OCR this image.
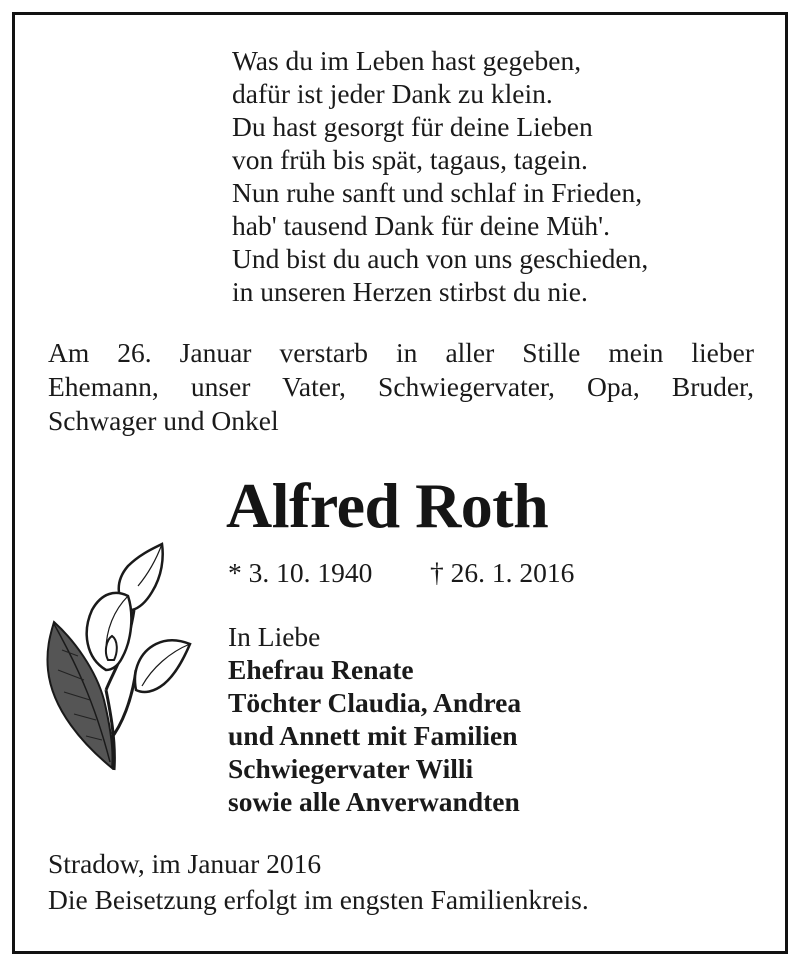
Was du im Leben hast gegeben,
dafür ist jeder Dank zu klein.
Du hast gesorgt für deine Lieben
von früh bis spät, tagaus, tagein.
Nun ruhe sanft und schlaf in Frieden,
hab' tausend Dank für deine Müh'.
Und bist du auch von uns geschieden,
in unseren Herzen stirbst du nie.
Am 26. Januar verstarb in aller Stille mein lieber
Ehemann, unser Vater, Schwiegervater, Opa, Bruder,
Schwager und Onkel
Alfred Roth
* 3. 10. 1940 † 26. 1. 2016
In Liebe
Ehefrau Renate
Töchter Claudia, Andrea
und Annett mit Familien
Schwiegervater Willi
sowie alle Anverwandten
Stradow, im Januar 2016
Die Beisetzung erfolgt im engsten Familienkreis.
